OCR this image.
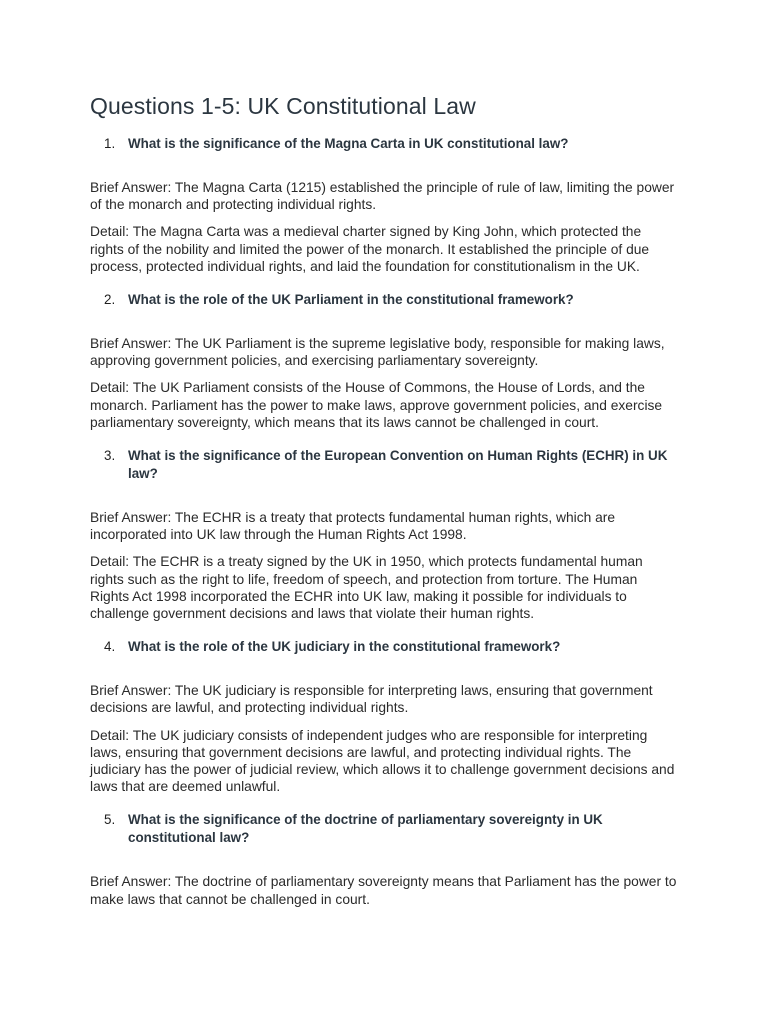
Questions 1-5: UK Constitutional Law
1. What is the significance of the Magna Carta in UK constitutional law?

Brief Answer: The Magna Carta (1215) established the principle of rule of law, limiting the power of the monarch and protecting individual rights.

Detail: The Magna Carta was a medieval charter signed by King John, which protected the rights of the nobility and limited the power of the monarch. It established the principle of due process, protected individual rights, and laid the foundation for constitutionalism in the UK.

2. What is the role of the UK Parliament in the constitutional framework?

Brief Answer: The UK Parliament is the supreme legislative body, responsible for making laws, approving government policies, and exercising parliamentary sovereignty.

Detail: The UK Parliament consists of the House of Commons, the House of Lords, and the monarch. Parliament has the power to make laws, approve government policies, and exercise parliamentary sovereignty, which means that its laws cannot be challenged in court.

3. What is the significance of the European Convention on Human Rights (ECHR) in UK law?

Brief Answer: The ECHR is a treaty that protects fundamental human rights, which are incorporated into UK law through the Human Rights Act 1998.

Detail: The ECHR is a treaty signed by the UK in 1950, which protects fundamental human rights such as the right to life, freedom of speech, and protection from torture. The Human Rights Act 1998 incorporated the ECHR into UK law, making it possible for individuals to challenge government decisions and laws that violate their human rights.

4. What is the role of the UK judiciary in the constitutional framework?

Brief Answer: The UK judiciary is responsible for interpreting laws, ensuring that government decisions are lawful, and protecting individual rights.

Detail: The UK judiciary consists of independent judges who are responsible for interpreting laws, ensuring that government decisions are lawful, and protecting individual rights. The judiciary has the power of judicial review, which allows it to challenge government decisions and laws that are deemed unlawful.

5. What is the significance of the doctrine of parliamentary sovereignty in UK constitutional law?

Brief Answer: The doctrine of parliamentary sovereignty means that Parliament has the power to make laws that cannot be challenged in court.
